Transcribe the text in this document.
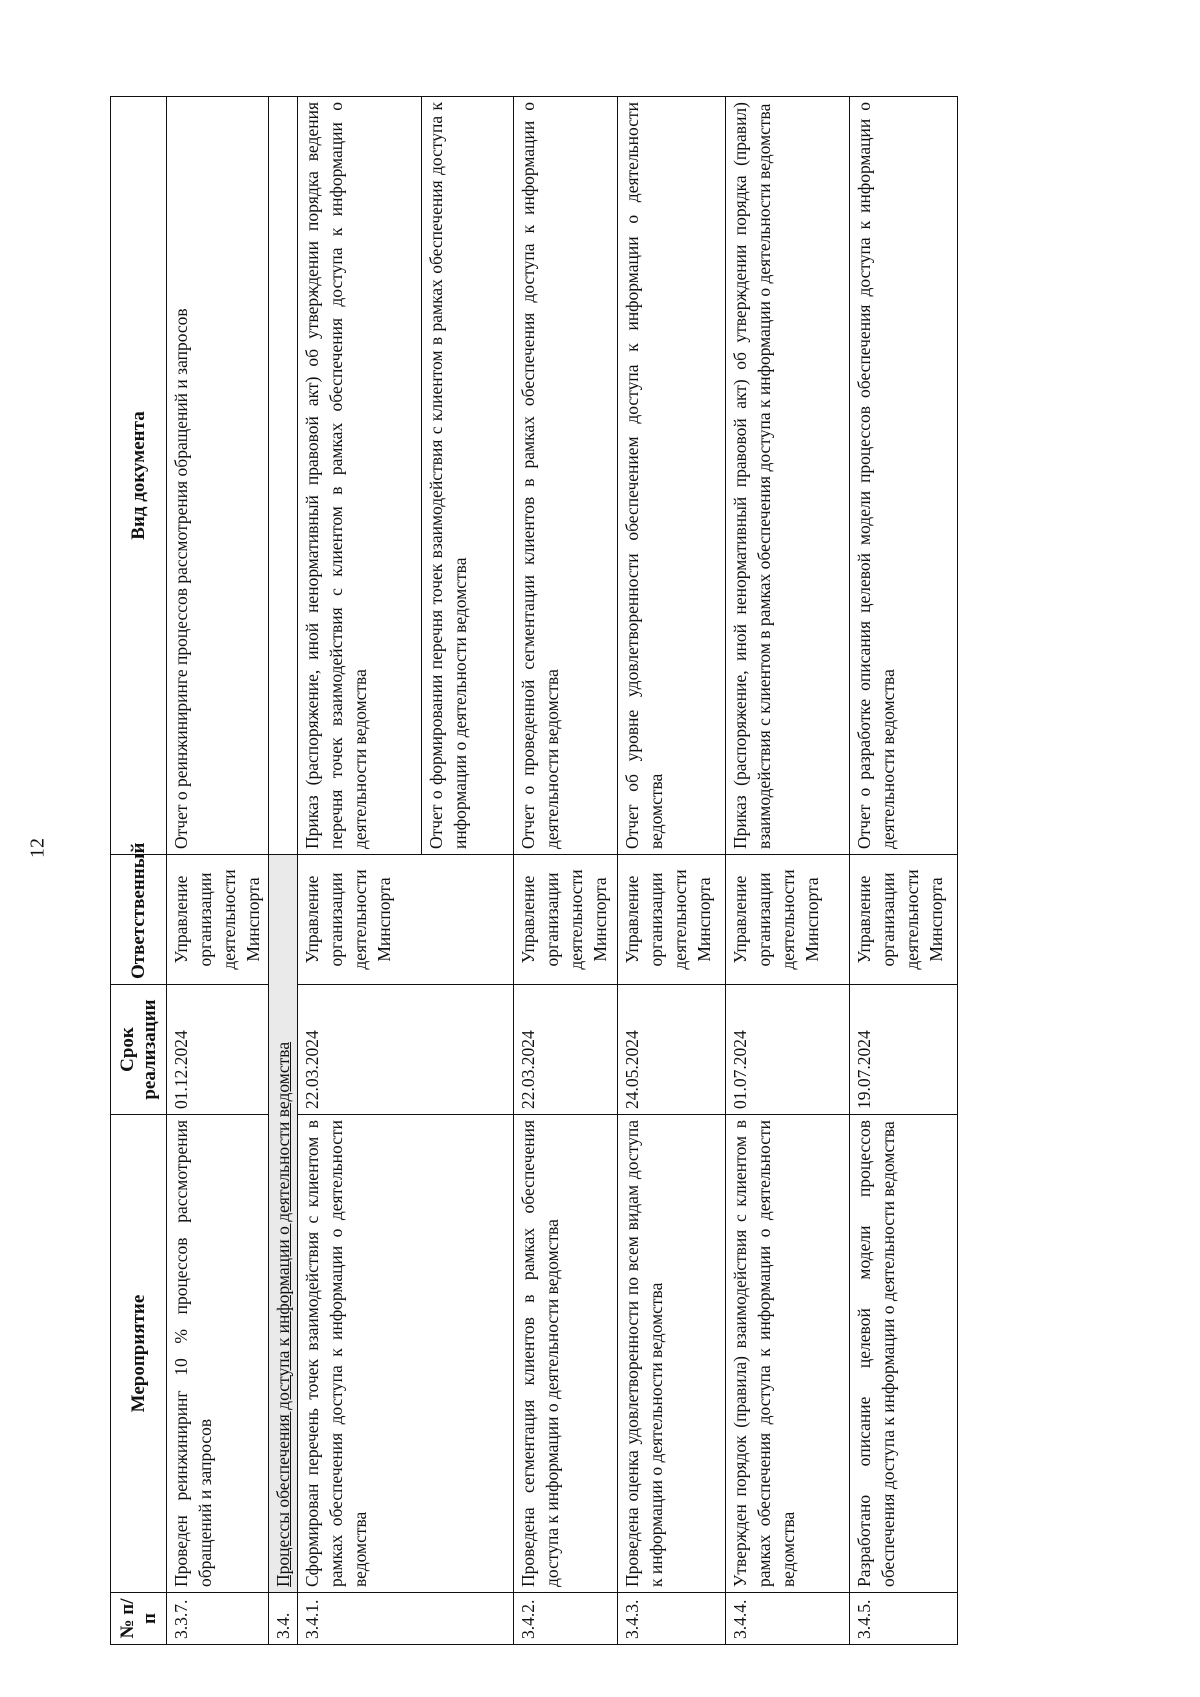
12
№ п/п	Мероприятие	Срок реализации	Ответственный	Вид документа
3.3.7.	Проведен реинжиниринг 10 % процессов рассмотрения обращений и запросов	01.12.2024	Управление организации деятельности Минспорта	Отчет о реинжиниринге процессов рассмотрения обращений и запросов
3.4.	Процессы обеспечения доступа к информации о деятельности ведомства			
3.4.1.	Сформирован перечень точек взаимодействия с клиентом в рамках обеспечения доступа к информации о деятельности ведомства	22.03.2024	Управление организации деятельности Минспорта	Приказ (распоряжение, иной ненормативный правовой акт) об утверждении порядка ведения перечня точек взаимодействия с клиентом в рамках обеспечения доступа к информации о деятельности ведомства
				Отчет о формировании перечня точек взаимодействия с клиентом в рамках обеспечения доступа к информации о деятельности ведомства
3.4.2.	Проведена сегментация клиентов в рамках обеспечения доступа к информации о деятельности ведомства	22.03.2024	Управление организации деятельности Минспорта	Отчет о проведенной сегментации клиентов в рамках обеспечения доступа к информации о деятельности ведомства
3.4.3.	Проведена оценка удовлетворенности по всем видам доступа к информации о деятельности ведомства	24.05.2024	Управление организации деятельности Минспорта	Отчет об уровне удовлетворенности обеспечением доступа к информации о деятельности ведомства
3.4.4.	Утвержден порядок (правила) взаимодействия с клиентом в рамках обеспечения доступа к информации о деятельности ведомства	01.07.2024	Управление организации деятельности Минспорта	Приказ (распоряжение, иной ненормативный правовой акт) об утверждении порядка (правил) взаимодействия с клиентом в рамках обеспечения доступа к информации о деятельности ведомства
3.4.5.	Разработано описание целевой модели процессов обеспечения доступа к информации о деятельности ведомства	19.07.2024	Управление организации деятельности Минспорта	Отчет о разработке описания целевой модели процессов обеспечения доступа к информации о деятельности ведомства
